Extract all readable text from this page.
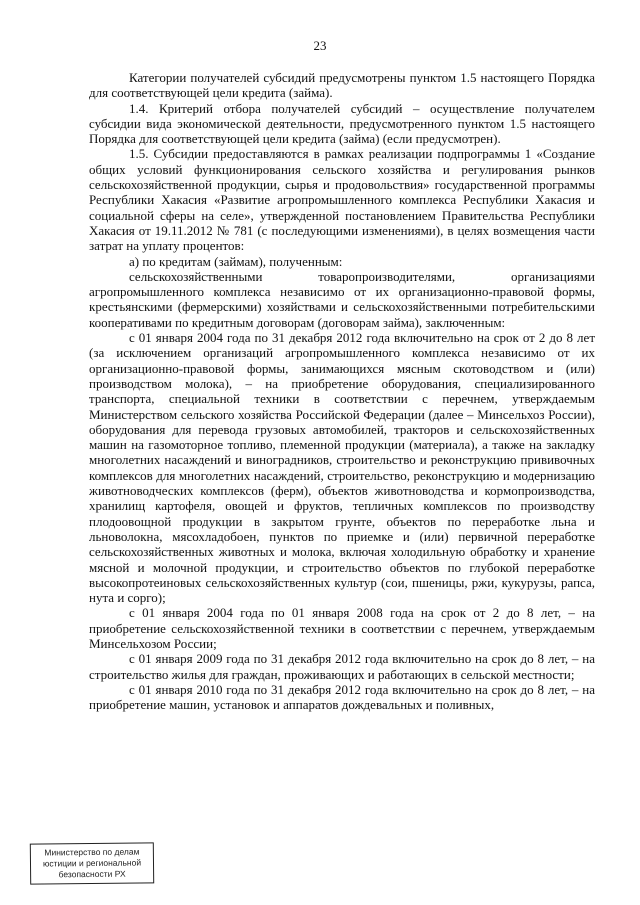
23

Категории получателей субсидий предусмотрены пунктом 1.5 настоящего Порядка для соответствующей цели кредита (займа).

1.4. Критерий отбора получателей субсидий – осуществление получателем субсидии вида экономической деятельности, предусмотренного пунктом 1.5 настоящего Порядка для соответствующей цели кредита (займа) (если предусмотрен).

1.5. Субсидии предоставляются в рамках реализации подпрограммы 1 «Создание общих условий функционирования сельского хозяйства и регулирования рынков сельскохозяйственной продукции, сырья и продовольствия» государственной программы Республики Хакасия «Развитие агропромышленного комплекса Республики Хакасия и социальной сферы на селе», утвержденной постановлением Правительства Республики Хакасия от 19.11.2012 № 781 (с последующими изменениями), в целях возмещения части затрат на уплату процентов:

а) по кредитам (займам), полученным:

сельскохозяйственными товаропроизводителями, организациями агропромышленного комплекса независимо от их организационно-правовой формы, крестьянскими (фермерскими) хозяйствами и сельскохозяйственными потребительскими кооперативами по кредитным договорам (договорам займа), заключенным:

с 01 января 2004 года по 31 декабря 2012 года включительно на срок от 2 до 8 лет (за исключением организаций агропромышленного комплекса независимо от их организационно-правовой формы, занимающихся мясным скотоводством и (или) производством молока), – на приобретение оборудования, специализированного транспорта, специальной техники в соответствии с перечнем, утверждаемым Министерством сельского хозяйства Российской Федерации (далее – Минсельхоз России), оборудования для перевода грузовых автомобилей, тракторов и сельскохозяйственных машин на газомоторное топливо, племенной продукции (материала), а также на закладку многолетних насаждений и виноградников, строительство и реконструкцию прививочных комплексов для многолетних насаждений, строительство, реконструкцию и модернизацию животноводческих комплексов (ферм), объектов животноводства и кормопроизводства, хранилищ картофеля, овощей и фруктов, тепличных комплексов по производству плодоовощной продукции в закрытом грунте, объектов по переработке льна и льноволокна, мясохладобоен, пунктов по приемке и (или) первичной переработке сельскохозяйственных животных и молока, включая холодильную обработку и хранение мясной и молочной продукции, и строительство объектов по глубокой переработке высокопротеиновых сельскохозяйственных культур (сои, пшеницы, ржи, кукурузы, рапса, нута и сорго);

с 01 января 2004 года по 01 января 2008 года на срок от 2 до 8 лет, – на приобретение сельскохозяйственной техники в соответствии с перечнем, утверждаемым Минсельхозом России;

с 01 января 2009 года по 31 декабря 2012 года включительно на срок до 8 лет, – на строительство жилья для граждан, проживающих и работающих в сельской местности;

с 01 января 2010 года по 31 декабря 2012 года включительно на срок до 8 лет, – на приобретение машин, установок и аппаратов дождевальных и поливных,

Министерство по делам
юстиции и региональной
безопасности РХ
